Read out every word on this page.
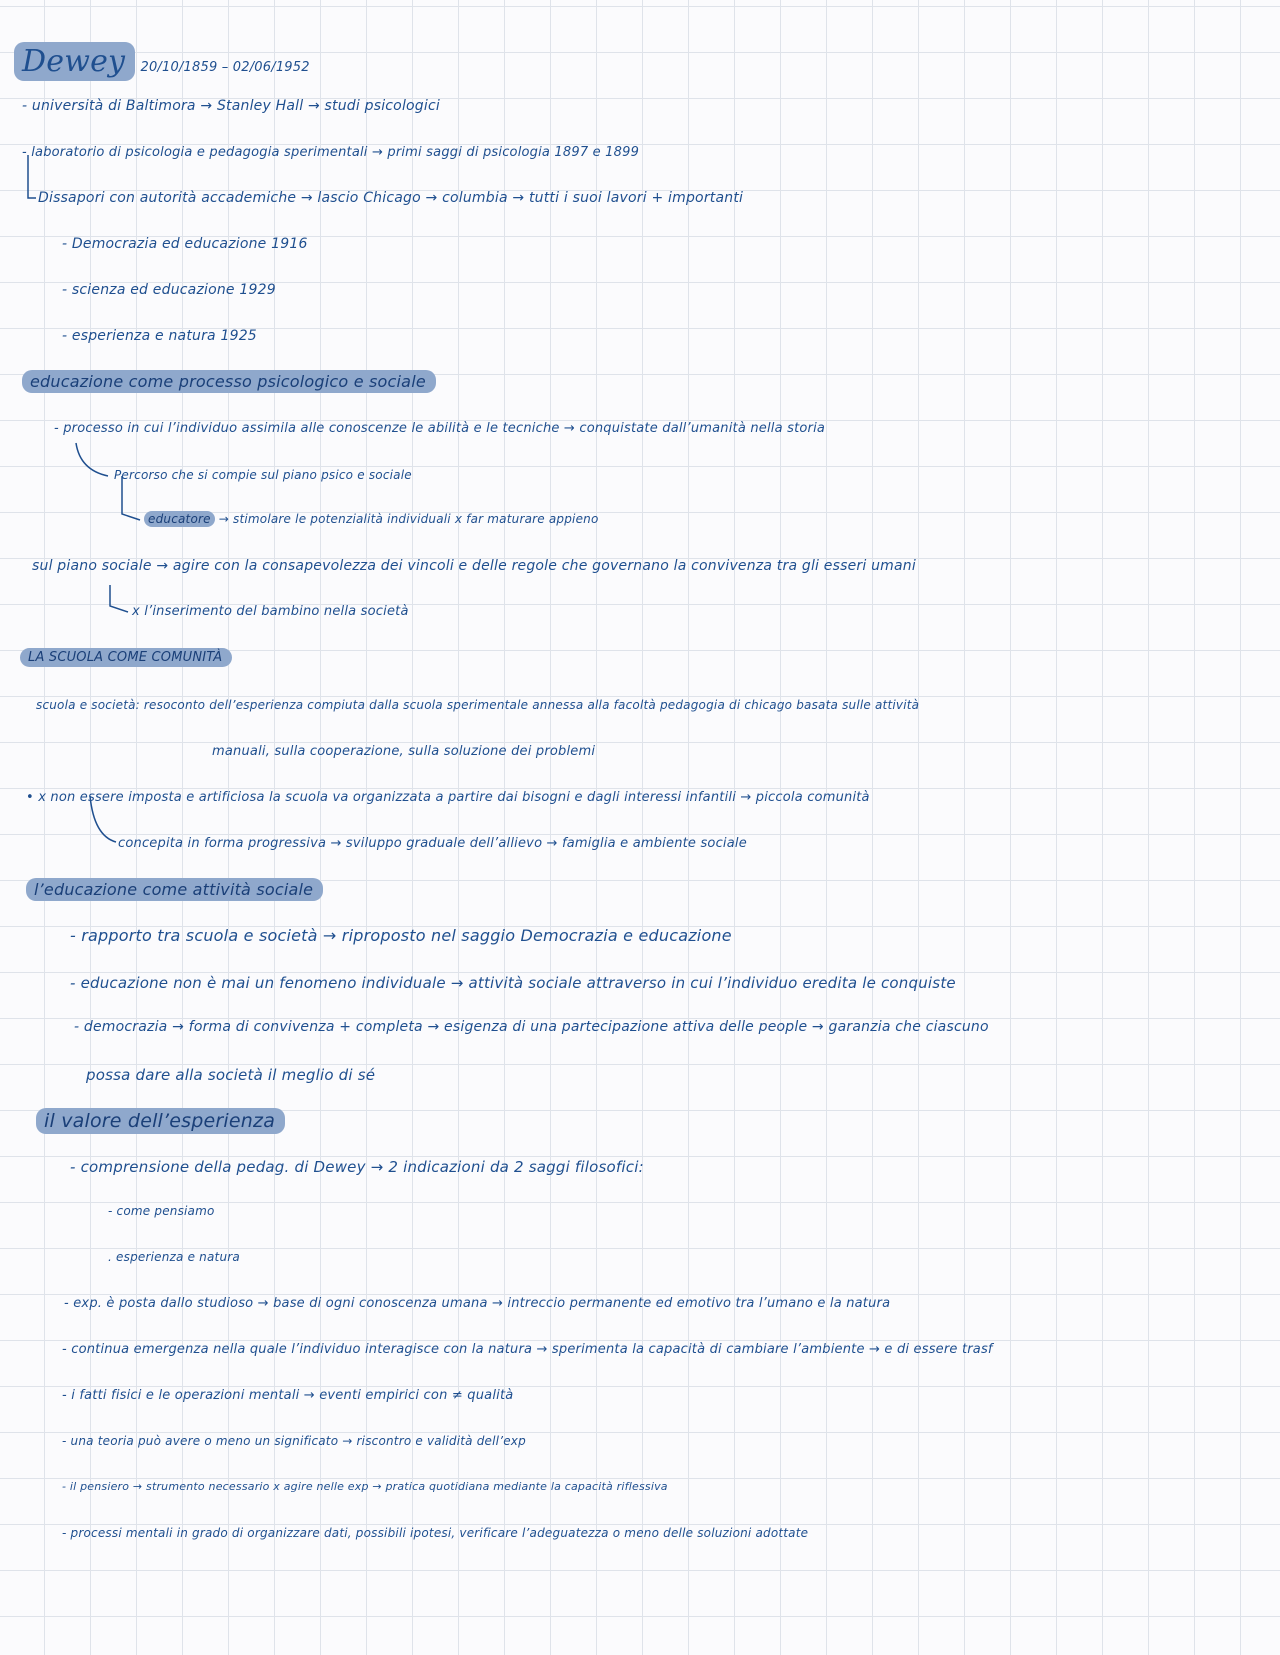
Dewey 20/10/1859 – 02/06/1952
- università di Baltimora → Stanley Hall → studi psicologici
- laboratorio di psicologia e pedagogia sperimentali → primi saggi di psicologia 1897 e 1899
Dissapori con autorità accademiche → lascio Chicago → columbia → tutti i suoi lavori + importanti
- Democrazia ed educazione 1916
- scienza ed educazione 1929
- esperienza e natura 1925
educazione come processo psicologico e sociale
- processo in cui l’individuo assimila alle conoscenze le abilità e le tecniche → conquistate dall’umanità nella storia
Percorso che si compie sul piano psico e sociale
educatore → stimolare le potenzialità individuali x far maturare appieno
sul piano sociale → agire con la consapevolezza dei vincoli e delle regole che governano la convivenza tra gli esseri umani
x l’inserimento del bambino nella società
LA SCUOLA COME COMUNITÀ
scuola e società: resoconto dell’esperienza compiuta dalla scuola sperimentale annessa alla facoltà pedagogia di chicago basata sulle attività
manuali, sulla cooperazione, sulla soluzione dei problemi
• x non essere imposta e artificiosa la scuola va organizzata a partire dai bisogni e dagli interessi infantili → piccola comunità
concepita in forma progressiva → sviluppo graduale dell’allievo → famiglia e ambiente sociale
l’educazione come attività sociale
- rapporto tra scuola e società → riproposto nel saggio Democrazia e educazione
- educazione non è mai un fenomeno individuale → attività sociale attraverso in cui l’individuo eredita le conquiste
- democrazia → forma di convivenza + completa → esigenza di una partecipazione attiva delle people → garanzia che ciascuno
possa dare alla società il meglio di sé
il valore dell’esperienza
- comprensione della pedag. di Dewey → 2 indicazioni da 2 saggi filosofici:
- come pensiamo
. esperienza e natura
- exp. è posta dallo studioso → base di ogni conoscenza umana → intreccio permanente ed emotivo tra l’umano e la natura
- continua emergenza nella quale l’individuo interagisce con la natura → sperimenta la capacità di cambiare l’ambiente → e di essere trasf
- i fatti fisici e le operazioni mentali → eventi empirici con ≠ qualità
- una teoria può avere o meno un significato → riscontro e validità dell’exp
- il pensiero → strumento necessario x agire nelle exp → pratica quotidiana mediante la capacità riflessiva
- processi mentali in grado di organizzare dati, possibili ipotesi, verificare l’adeguatezza o meno delle soluzioni adottate
